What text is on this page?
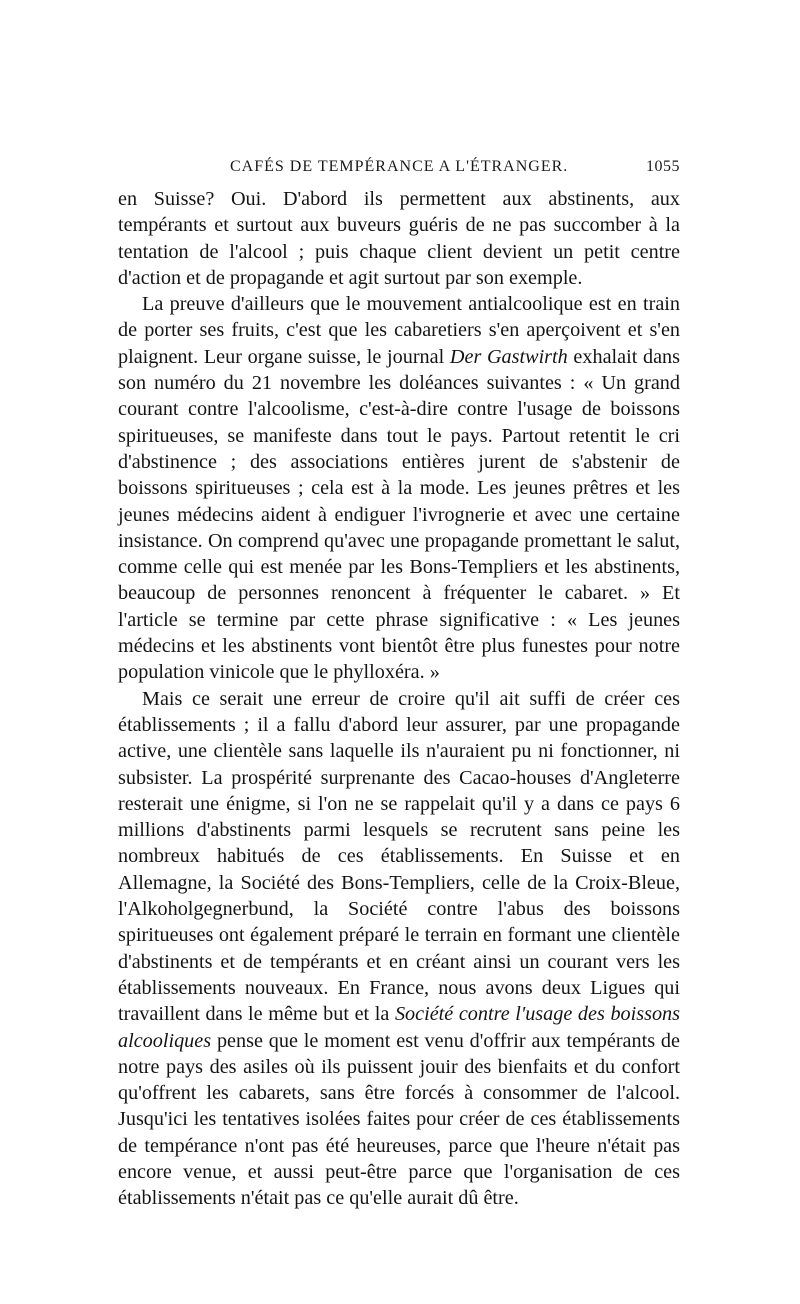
CAFÉS DE TEMPÉRANCE A L'ÉTRANGER.	1055

en Suisse? Oui. D'abord ils permettent aux abstinents, aux tempérants et surtout aux buveurs guéris de ne pas succomber à la tentation de l'alcool ; puis chaque client devient un petit centre d'action et de propagande et agit surtout par son exemple.

La preuve d'ailleurs que le mouvement antialcoolique est en train de porter ses fruits, c'est que les cabaretiers s'en aperçoivent et s'en plaignent. Leur organe suisse, le journal Der Gastwirth exhalait dans son numéro du 21 novembre les doléances suivantes : « Un grand courant contre l'alcoolisme, c'est-à-dire contre l'usage de boissons spiritueuses, se manifeste dans tout le pays. Partout retentit le cri d'abstinence ; des associations entières jurent de s'abstenir de boissons spiritueuses ; cela est à la mode. Les jeunes prêtres et les jeunes médecins aident à endiguer l'ivrognerie et avec une certaine insistance. On comprend qu'avec une propagande promettant le salut, comme celle qui est menée par les Bons-Templiers et les abstinents, beaucoup de personnes renoncent à fréquenter le cabaret. » Et l'article se termine par cette phrase significative : « Les jeunes médecins et les abstinents vont bientôt être plus funestes pour notre population vinicole que le phylloxéra. »

Mais ce serait une erreur de croire qu'il ait suffi de créer ces établissements ; il a fallu d'abord leur assurer, par une propagande active, une clientèle sans laquelle ils n'auraient pu ni fonctionner, ni subsister. La prospérité surprenante des Cacao-houses d'Angleterre resterait une énigme, si l'on ne se rappelait qu'il y a dans ce pays 6 millions d'abstinents parmi lesquels se recrutent sans peine les nombreux habitués de ces établissements. En Suisse et en Allemagne, la Société des Bons-Templiers, celle de la Croix-Bleue, l'Alkoholgegnerbund, la Société contre l'abus des boissons spiritueuses ont également préparé le terrain en formant une clientèle d'abstinents et de tempérants et en créant ainsi un courant vers les établissements nouveaux. En France, nous avons deux Ligues qui travaillent dans le même but et la Société contre l'usage des boissons alcooliques pense que le moment est venu d'offrir aux tempérants de notre pays des asiles où ils puissent jouir des bienfaits et du confort qu'offrent les cabarets, sans être forcés à consommer de l'alcool. Jusqu'ici les tentatives isolées faites pour créer de ces établissements de tempérance n'ont pas été heureuses, parce que l'heure n'était pas encore venue, et aussi peut-être parce que l'organisation de ces établissements n'était pas ce qu'elle aurait dû être.
